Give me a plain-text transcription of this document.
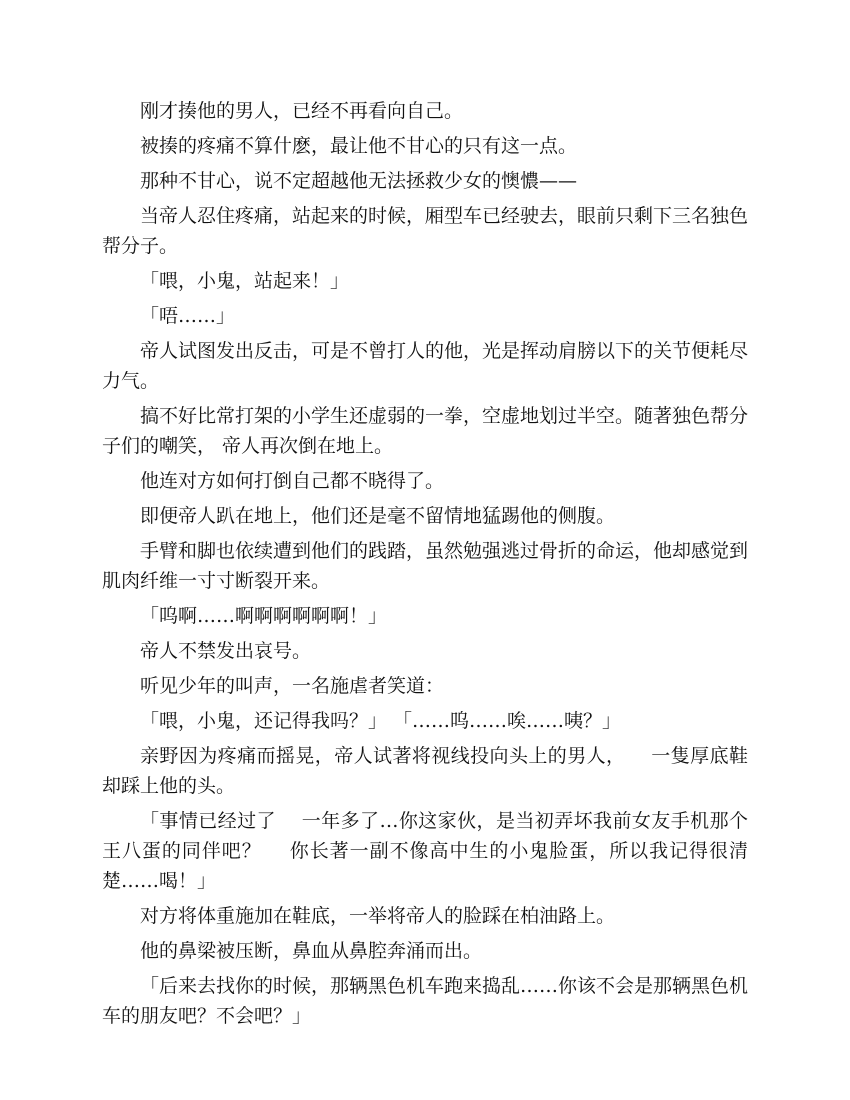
刚才揍他的男人，已经不再看向自己。

被揍的疼痛不算什麽，最让他不甘心的只有这一点。

那种不甘心，说不定超越他无法拯救少女的懊憹——

当帝人忍住疼痛，站起来的时候，厢型车已经驶去，眼前只剩下三名独色帮分子。

「喂，小鬼，站起来！」

「唔……」

帝人试图发出反击，可是不曾打人的他，光是挥动肩膀以下的关节便耗尽力气。

搞不好比常打架的小学生还虚弱的一拳，空虚地划过半空。随著独色帮分子们的嘲笑， 帝人再次倒在地上。

他连对方如何打倒自己都不晓得了。

即便帝人趴在地上，他们还是毫不留情地猛踢他的侧腹。

手臂和脚也依续遭到他们的践踏，虽然勉强逃过骨折的命运，他却感觉到肌肉纤维一寸寸断裂开来。

「呜啊……啊啊啊啊啊啊！」

帝人不禁发出哀号。

听见少年的叫声，一名施虐者笑道：

「喂，小鬼，还记得我吗？」 「……呜……唉……咦？」

亲野因为疼痛而摇晃，帝人试著将视线投向头上的男人，    一隻厚底鞋却踩上他的头。

「事情已经过了    一年多了…你这家伙，是当初弄坏我前女友手机那个王八蛋的同伴吧？    你长著一副不像高中生的小鬼脸蛋，所以我记得很清楚……喝！」

对方将体重施加在鞋底，一举将帝人的脸踩在柏油路上。

他的鼻梁被压断，鼻血从鼻腔奔涌而出。

「后来去找你的时候，那辆黑色机车跑来捣乱……你该不会是那辆黑色机车的朋友吧？不会吧？」
